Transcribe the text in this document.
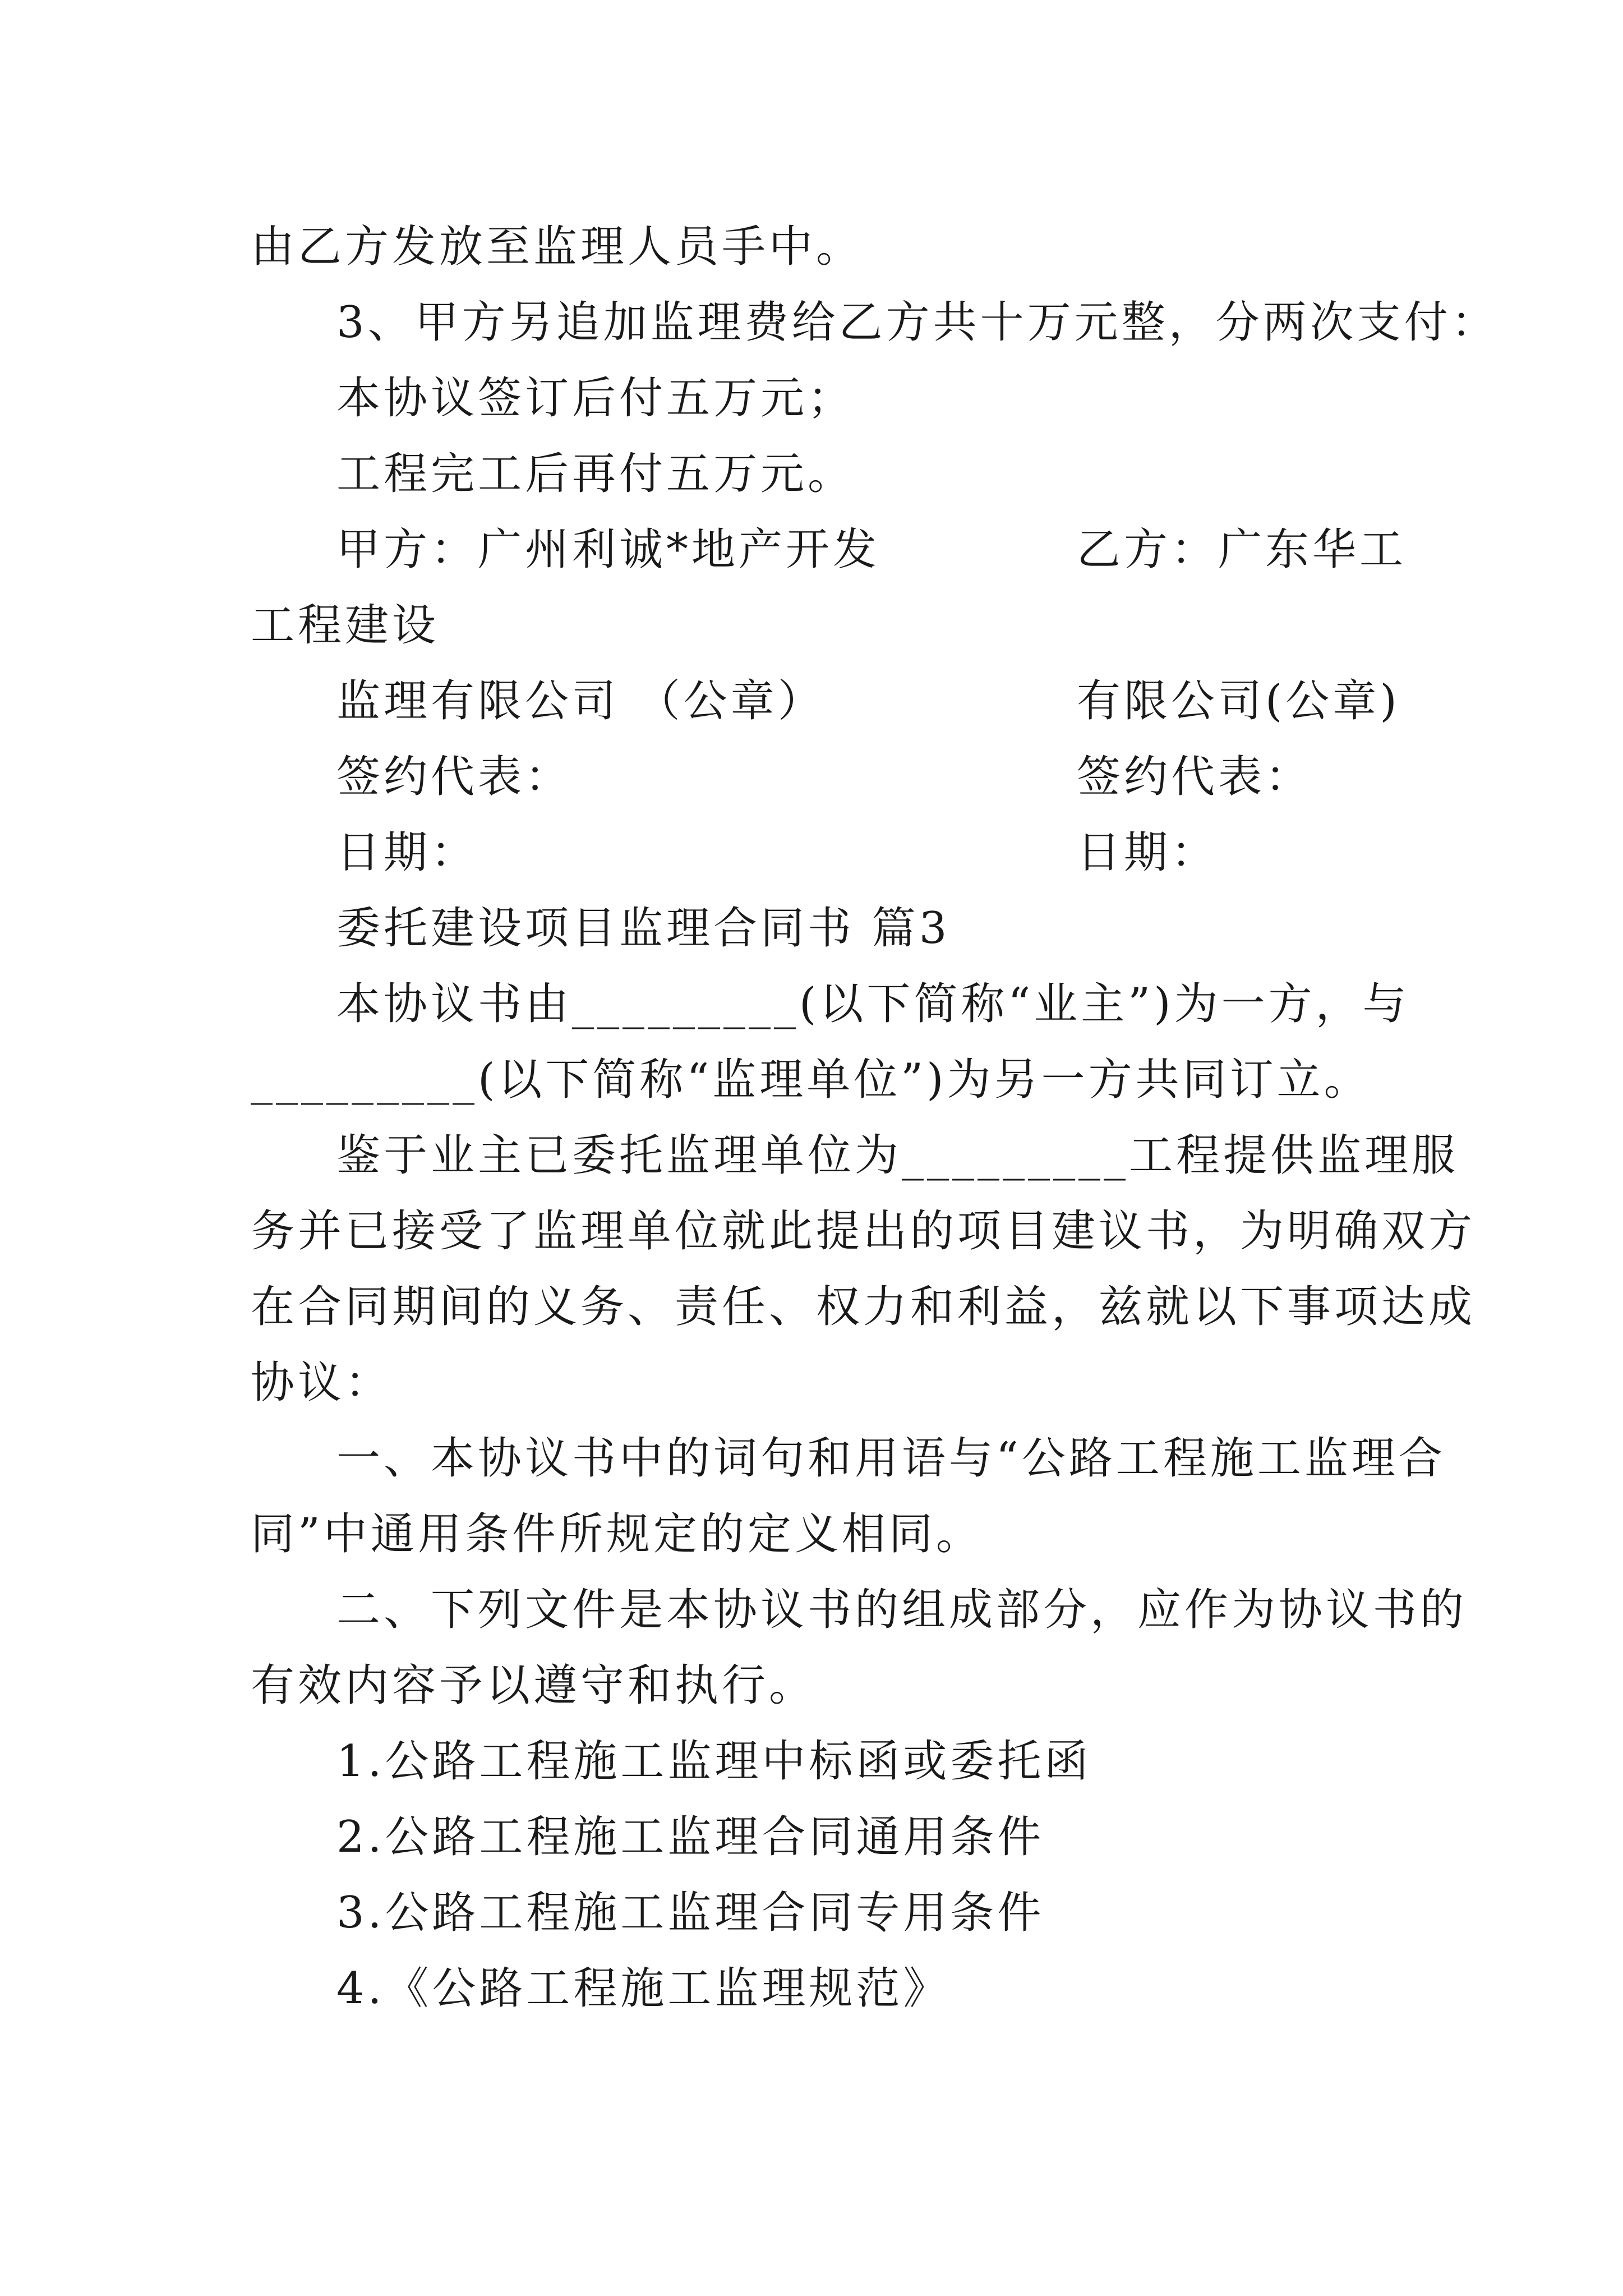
由乙方发放至监理人员手中。
3、甲方另追加监理费给乙方共十万元整，分两次支付：
本协议签订后付五万元；
工程完工后再付五万元。
甲方：广州利诚*地产开发	乙方：广东华工
工程建设
监理有限公司 （公章）	有限公司(公章)
签约代表：	签约代表：
日期：	日期：
委托建设项目监理合同书 篇3
本协议书由_________(以下简称“业主”)为一方，与
_________(以下简称“监理单位”)为另一方共同订立。
鉴于业主已委托监理单位为_________工程提供监理服
务并已接受了监理单位就此提出的项目建议书，为明确双方
在合同期间的义务、责任、权力和利益，兹就以下事项达成
协议：
一、本协议书中的词句和用语与“公路工程施工监理合
同”中通用条件所规定的定义相同。
二、下列文件是本协议书的组成部分，应作为协议书的
有效内容予以遵守和执行。
1.公路工程施工监理中标函或委托函
2.公路工程施工监理合同通用条件
3.公路工程施工监理合同专用条件
4.《公路工程施工监理规范》
